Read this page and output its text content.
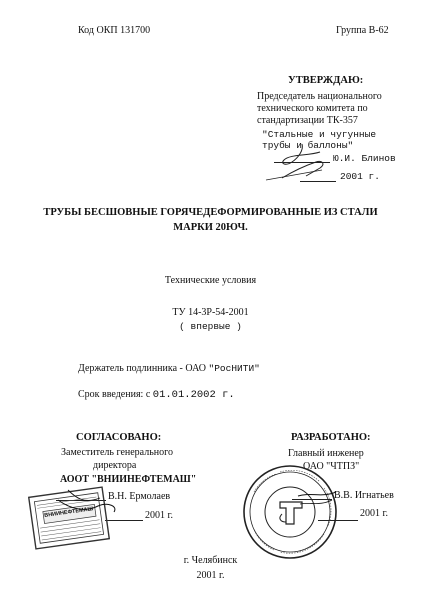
Код ОКП 131700	Группа В-62
УТВЕРЖДАЮ:
Председатель национального
технического комитета по
стандартизации ТК-357
"Стальные и чугунные
трубы и баллоны"
Ю.И. Блинов
2001 г.
ТРУБЫ БЕСШОВНЫЕ ГОРЯЧЕДЕФОРМИРОВАННЫЕ ИЗ СТАЛИ
МАРКИ 20ЮЧ.
Технические условия
ТУ 14-3Р-54-2001
( впервые )
Держатель подлинника - ОАО "РосНИТИ"
Срок введения: с 01.01.2002 г.
СОГЛАСОВАНО:
Заместитель генерального
директора
АООТ "ВНИИНЕФТЕМАШ"
В.Н. Ермолаев
2001 г.
ВНИИНЕФТЕМАШ
РАЗРАБОТАНО:
Главный инженер
ОАО "ЧТПЗ"
В.В. Игнатьев
2001 г.
г. Челябинск
2001 г.
